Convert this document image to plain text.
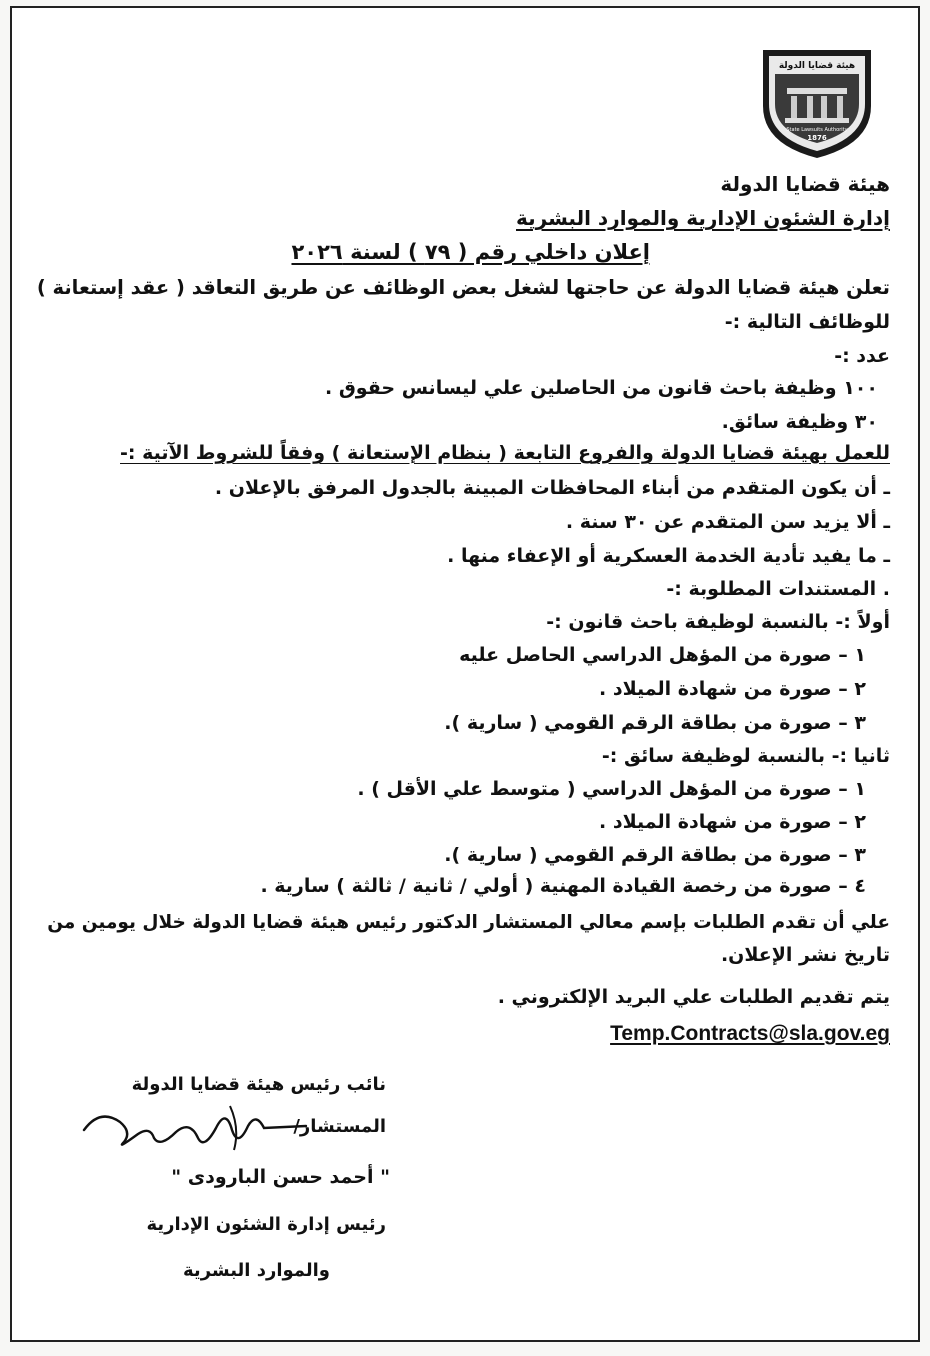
هيئة قضايا الدولة
State Lawsuits Authority
1876
هيئة قضايا الدولة
إدارة الشئون الإدارية والموارد البشرية
إعلان داخلي رقم ( ٧٩ ) لسنة ٢٠٢٦
تعلن هيئة قضايا الدولة عن حاجتها لشغل بعض الوظائف عن طريق التعاقد ( عقد إستعانة )
للوظائف التالية :-
عدد :-
١٠٠ وظيفة باحث قانون من الحاصلين علي ليسانس حقوق .
٣٠ وظيفة سائق.
للعمل بهيئة قضايا الدولة والفروع التابعة ( بنظام الإستعانة ) وفقاً للشروط الآتية :-
ـ أن يكون المتقدم من أبناء المحافظات المبينة بالجدول المرفق بالإعلان .
ـ ألا يزيد سن المتقدم عن ٣٠ سنة .
ـ ما يفيد تأدية الخدمة العسكرية أو الإعفاء منها .
. المستندات المطلوبة :-
أولاً :- بالنسبة لوظيفة باحث قانون :-
١ – صورة من المؤهل الدراسي الحاصل عليه
٢ – صورة من شهادة الميلاد .
٣ – صورة من بطاقة الرقم القومي ( سارية ).
ثانيا :- بالنسبة لوظيفة سائق :-
١ – صورة من المؤهل الدراسي ( متوسط علي الأقل ) .
٢ – صورة من شهادة الميلاد .
٣ – صورة من بطاقة الرقم القومي ( سارية ).
٤ – صورة من رخصة القيادة المهنية ( أولي / ثانية / ثالثة ) سارية .
علي أن تقدم الطلبات بإسم معالي المستشار الدكتور رئيس هيئة قضايا الدولة خلال يومين من
تاريخ نشر الإعلان.
يتم تقديم الطلبات علي البريد الإلكتروني .
Temp.Contracts@sla.gov.eg
نائب رئيس هيئة قضايا الدولة
المستشار/
" أحمد حسن البارودى "
رئيس إدارة الشئون الإدارية
والموارد البشرية
